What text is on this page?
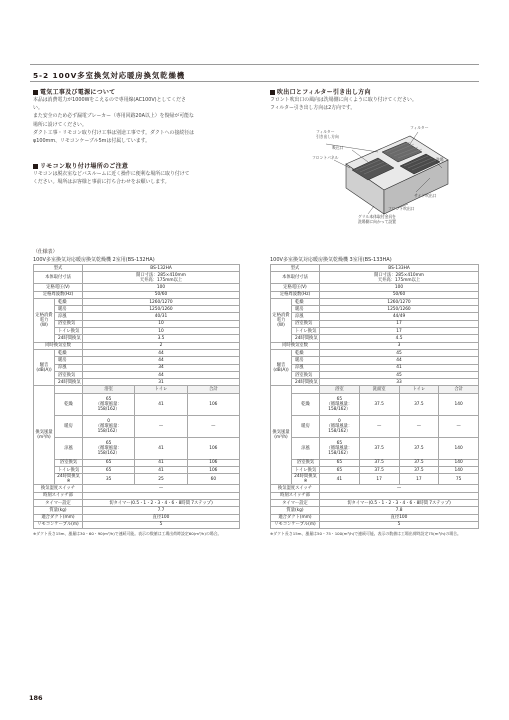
5-2 100V多室換気対応暖房換気乾燥機
電気工事及び電源について
本品は消費電力が1000Wをこえるので専用線(AC100V)としてくださ
い。
また安全のため必ず漏電ブレーカー（専用回路20A以上）を復帰が可能な
場所に設けてください。
ダクト工事・リモコン取り付け工事は別途工事です。ダクトへの接続径は
φ100mm、リモコンケーブル5mは付属しています。
リモコン取り付け場所のご注意
リモコンは脱衣室などバスルームに近く操作に便利な場所に取り付けて
ください。場所はお客様と事前に打ち合わせをお願いします。
吹出口とフィルター引き出し方向
フロント吹出口の風向は洗場側に向くように取り付けてください。
フィルター引き出し方向は2方向です。
フィルター
引き出し方向
フィルター
吸込口
フロントパネル	洗場
サイド吹出口
フロント吹出口
グリル本体取付金具を
洗場側に向かって設置
（仕様表）
100V多室換気対応暖房換気乾燥機 2室用(BS-132HA)	100V多室換気対応暖房換気乾燥機 3室用(BS-133HA)
型式		BS-132HA		
本体取付寸法		開口寸法：285×410mm
天井高：175mm以上		
定格電圧(V)		100		
定格周波数(Hz)		50/60		
定格消費電力
(W)	乾燥	1260/1270		
	暖房	1250/1260		
	涼風	40/31		
	浴室換気	10		
	トイレ換気	10		
	24時間換気	3.5		
同時換気室数		2		
騒音
(dB(A))	乾燥	44		
	暖房	44		
	涼風	34		
	浴室換気	44		
	24時間換気	31		
換気風量
(m³/h)		浴室	トイレ	合計
	乾燥	65
（循環風量：
158/162）	41	106
	暖房	0
（循環風量：
158/162）	—	—
	涼風	65
（循環風量：
158/162）	41	106
	浴室換気	65	41	106
	トイレ換気	65	41	106
	24時間換気 ※	35	25	60
換気湿度スイッチ		—		
時刻スイッチ部				
タイマー設定		切タイマー(0.5・1・2・3・4・6・8時間 7ステップ)		
質量(kg)		7.7		
適合ダクト(mm)		直径100		
リモコンケーブル(m)		5		
型式		BS-133HA			
本体取付寸法		開口寸法：285×410mm
天井高：175mm以上			
定格電圧(V)		100			
定格周波数(Hz)		50/60			
定格消費電力
(W)	乾燥	1260/1270			
	暖房	1250/1260			
	涼風	44/49			
	浴室換気	17			
	トイレ換気	17			
	24時間換気	4.5			
同時換気室数		3			
騒音
(dB(A))	乾燥	45			
	暖房	44			
	涼風	41			
	浴室換気	45			
	24時間換気	33			
換気風量
(m³/h)		浴室	洗面室	トイレ	合計
	乾燥	65
（循環風量：
158/162）	37.5	37.5	140
	暖房	0
（循環風量：
158/162）	—	—	—
	涼風	65
（循環風量：
158/162）	37.5	37.5	140
	浴室換気	65	37.5	37.5	140
	トイレ換気	65	37.5	37.5	140
	24時間換気 ※	41	17	17	75
換気湿度スイッチ		—			
時刻スイッチ部					
タイマー設定		切タイマー(0.5・1・2・3・4・6・8時間 7ステップ)			
質量(kg)		7.8			
適合ダクト(mm)		直径100			
リモコンケーブル(m)		5			
※ダクト長さ15m、風量は30・60・90(m³/h)で連続可能。表示の数値は工場出荷時設定60(m³/h)の場合。	※ダクト長さ15m、風量は50・75・100(m³/h)で連続可能。表示の数値は工場出荷時設定75(m³/h)の場合。
186
